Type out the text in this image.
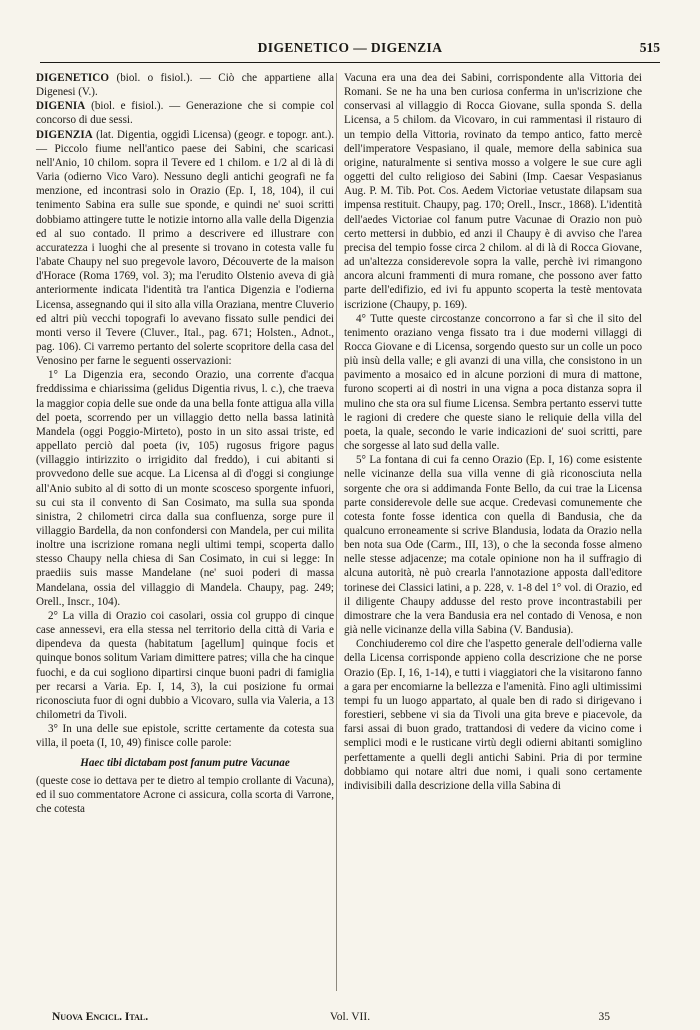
DIGENETICO — DIGENZIA	515

DIGENETICO (biol. o fisiol.). — Ciò che appartiene alla Digenesi (V.).

DIGENIA (biol. e fisiol.). — Generazione che si compie col concorso di due sessi.

DIGENZIA (lat. Digentia, oggidì Licensa) (geogr. e topogr. ant.). — Piccolo fiume nell'antico paese dei Sabini, che scaricasi nell'Anio, 10 chilom. sopra il Tevere ed 1 chilom. e 1/2 al di là di Varia (odierno Vico Varo). Nessuno degli antichi geografi ne fa menzione, ed incontrasi solo in Orazio (Ep. I, 18, 104), il cui tenimento Sabina era sulle sue sponde, e quindi ne' suoi scritti dobbiamo attingere tutte le notizie intorno alla valle della Digenzia ed al suo contado. Il primo a descrivere ed illustrare con accuratezza i luoghi che al presente si trovano in cotesta valle fu l'abate Chaupy nel suo pregevole lavoro, Découverte de la maison d'Horace (Roma 1769, vol. 3); ma l'erudito Olstenio aveva di già anteriormente indicata l'identità tra l'antica Digenzia e l'odierna Licensa, assegnando qui il sito alla villa Oraziana, mentre Cluverio ed altri più vecchi topografi lo avevano fissato sulle pendici dei monti verso il Tevere (Cluver., Ital., pag. 671; Holsten., Adnot., pag. 106). Ci varremo pertanto del solerte scopritore della casa del Venosino per farne le seguenti osservazioni:

1° La Digenzia era, secondo Orazio, una corrente d'acqua freddissima e chiarissima (gelidus Digentia rivus, l. c.), che traeva la maggior copia delle sue onde da una bella fonte attigua alla villa del poeta, scorrendo per un villaggio detto nella bassa latinità Mandela (oggi Poggio-Mirteto), posto in un sito assai triste, ed appellato perciò dal poeta (iv, 105) rugosus frigore pagus (villaggio intirizzito o irrigidito dal freddo), i cui abitanti si provvedono delle sue acque. La Licensa al dì d'oggi si congiunge all'Anio subito al di sotto di un monte scosceso sporgente infuori, su cui sta il convento di San Cosimato, ma sulla sua sponda sinistra, 2 chilometri circa dalla sua confluenza, sorge pure il villaggio Bardella, da non confondersi con Mandela, per cui milita inoltre una iscrizione romana negli ultimi tempi, scoperta dallo stesso Chaupy nella chiesa di San Cosimato, in cui si legge: In praediis suis masse Mandelane (ne' suoi poderi di massa Mandelana, ossia del villaggio di Mandela. Chaupy, pag. 249; Orell., Inscr., 104).

2° La villa di Orazio coi casolari, ossia col gruppo di cinque case annessevi, era ella stessa nel territorio della città di Varia e dipendeva da questa (habitatum [agellum] quinque focis et quinque bonos solitum Variam dimittere patres; villa che ha cinque fuochi, e da cui sogliono dipartirsi cinque buoni padri di famiglia per recarsi a Varia. Ep. I, 14, 3), la cui posizione fu ormai riconosciuta fuor di ogni dubbio a Vicovaro, sulla via Valeria, a 13 chilometri da Tivoli.

3° In una delle sue epistole, scritte certamente da cotesta sua villa, il poeta (I, 10, 49) finisce colle parole:

Haec tibi dictabam post fanum putre Vacunae

(queste cose io dettava per te dietro al tempio crollante di Vacuna), ed il suo commentatore Acrone ci assicura, colla scorta di Varrone, che cotesta

Vacuna era una dea dei Sabini, corrispondente alla Vittoria dei Romani. Se ne ha una ben curiosa conferma in un'iscrizione che conservasi al villaggio di Rocca Giovane, sulla sponda S. della Licensa, a 5 chilom. da Vicovaro, in cui rammentasi il ristauro di un tempio della Vittoria, rovinato da tempo antico, fatto mercè dell'imperatore Vespasiano, il quale, memore della sabinica sua origine, naturalmente si sentiva mosso a volgere le sue cure agli oggetti del culto religioso dei Sabini (Imp. Caesar Vespasianus Aug. P. M. Tib. Pot. Cos. Aedem Victoriae vetustate dilapsam sua impensa restituit. Chaupy, pag. 170; Orell., Inscr., 1868). L'identità dell'aedes Victoriae col fanum putre Vacunae di Orazio non può certo mettersi in dubbio, ed anzi il Chaupy è di avviso che l'area precisa del tempio fosse circa 2 chilom. al di là di Rocca Giovane, ad un'altezza considerevole sopra la valle, perchè ivi rimangono ancora alcuni frammenti di mura romane, che possono aver fatto parte dell'edifizio, ed ivi fu appunto scoperta la testè mentovata iscrizione (Chaupy, p. 169).

4° Tutte queste circostanze concorrono a far sì che il sito del tenimento oraziano venga fissato tra i due moderni villaggi di Rocca Giovane e di Licensa, sorgendo questo sur un colle un poco più insù della valle; e gli avanzi di una villa, che consistono in un pavimento a mosaico ed in alcune porzioni di mura di mattone, furono scoperti ai dì nostri in una vigna a poca distanza sopra il mulino che sta ora sul fiume Licensa. Sembra pertanto esservi tutte le ragioni di credere che queste siano le reliquie della villa del poeta, la quale, secondo le varie indicazioni de' suoi scritti, pare che sorgesse al lato sud della valle.

5° La fontana di cui fa cenno Orazio (Ep. I, 16) come esistente nelle vicinanze della sua villa venne di già riconosciuta nella sorgente che ora si addimanda Fonte Bello, da cui trae la Licensa parte considerevole delle sue acque. Credevasi comunemente che cotesta fonte fosse identica con quella di Bandusia, che da qualcuno erroneamente si scrive Blandusia, lodata da Orazio nella ben nota sua Ode (Carm., III, 13), o che la seconda fosse almeno nelle stesse adjacenze; ma cotale opinione non ha il suffragio di alcuna autorità, nè può crearla l'annotazione apposta dall'editore torinese dei Classici latini, a p. 228, v. 1-8 del 1° vol. di Orazio, ed il diligente Chaupy addusse del resto prove incontrastabili per dimostrare che la vera Bandusia era nel contado di Venosa, e non già nelle vicinanze della villa Sabina (V. Bandusia).

Conchiuderemo col dire che l'aspetto generale dell'odierna valle della Licensa corrisponde appieno colla descrizione che ne porse Orazio (Ep. I, 16, 1-14), e tutti i viaggiatori che la visitarono fanno a gara per encomiarne la bellezza e l'amenità. Fino agli ultimissimi tempi fu un luogo appartato, al quale ben di rado si dirigevano i forestieri, sebbene vi sia da Tivoli una gita breve e piacevole, da farsi assai di buon grado, trattandosi di vedere da vicino come i semplici modi e le rusticane virtù degli odierni abitanti somiglino perfettamente a quelli degli antichi Sabini. Pria di por termine dobbiamo qui notare altri due nomi, i quali sono certamente indivisibili dalla descrizione della villa Sabina di

Nuova Encicl. Ital.	Vol. VII.	35
